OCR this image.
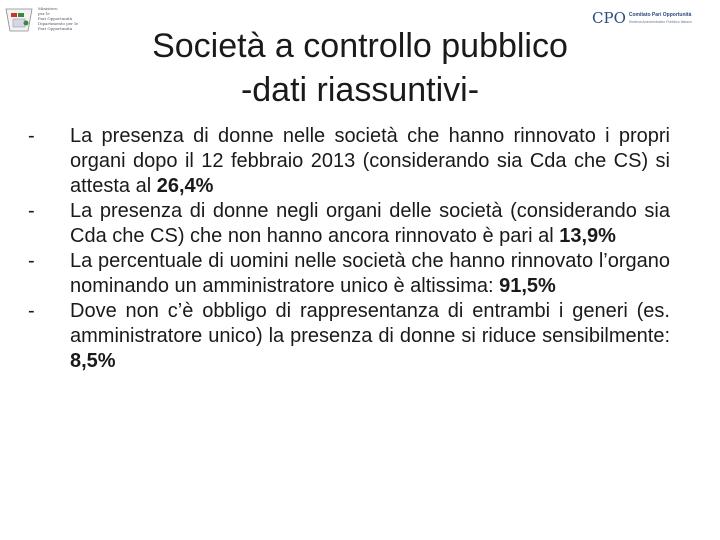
Ministero
per le
Pari Opportunità
Dipartimento per le
Pari Opportunità
CPO Comitato Pari Opportunità
Sistema Amministrativo Pubblico Italiano
Società a controllo pubblico
-dati riassuntivi-
- La presenza di donne nelle società che hanno rinnovato i propri organi dopo il 12 febbraio 2013 (considerando sia Cda che CS) si attesta al 26,4%
- La presenza di donne negli organi delle società (considerando sia Cda che CS) che non hanno ancora rinnovato è pari al 13,9%
- La percentuale di uomini nelle società che hanno rinnovato l’organo nominando un amministratore unico è altissima: 91,5%
- Dove non c’è obbligo di rappresentanza di entrambi i generi (es. amministratore unico) la presenza di donne si riduce sensibilmente: 8,5%
